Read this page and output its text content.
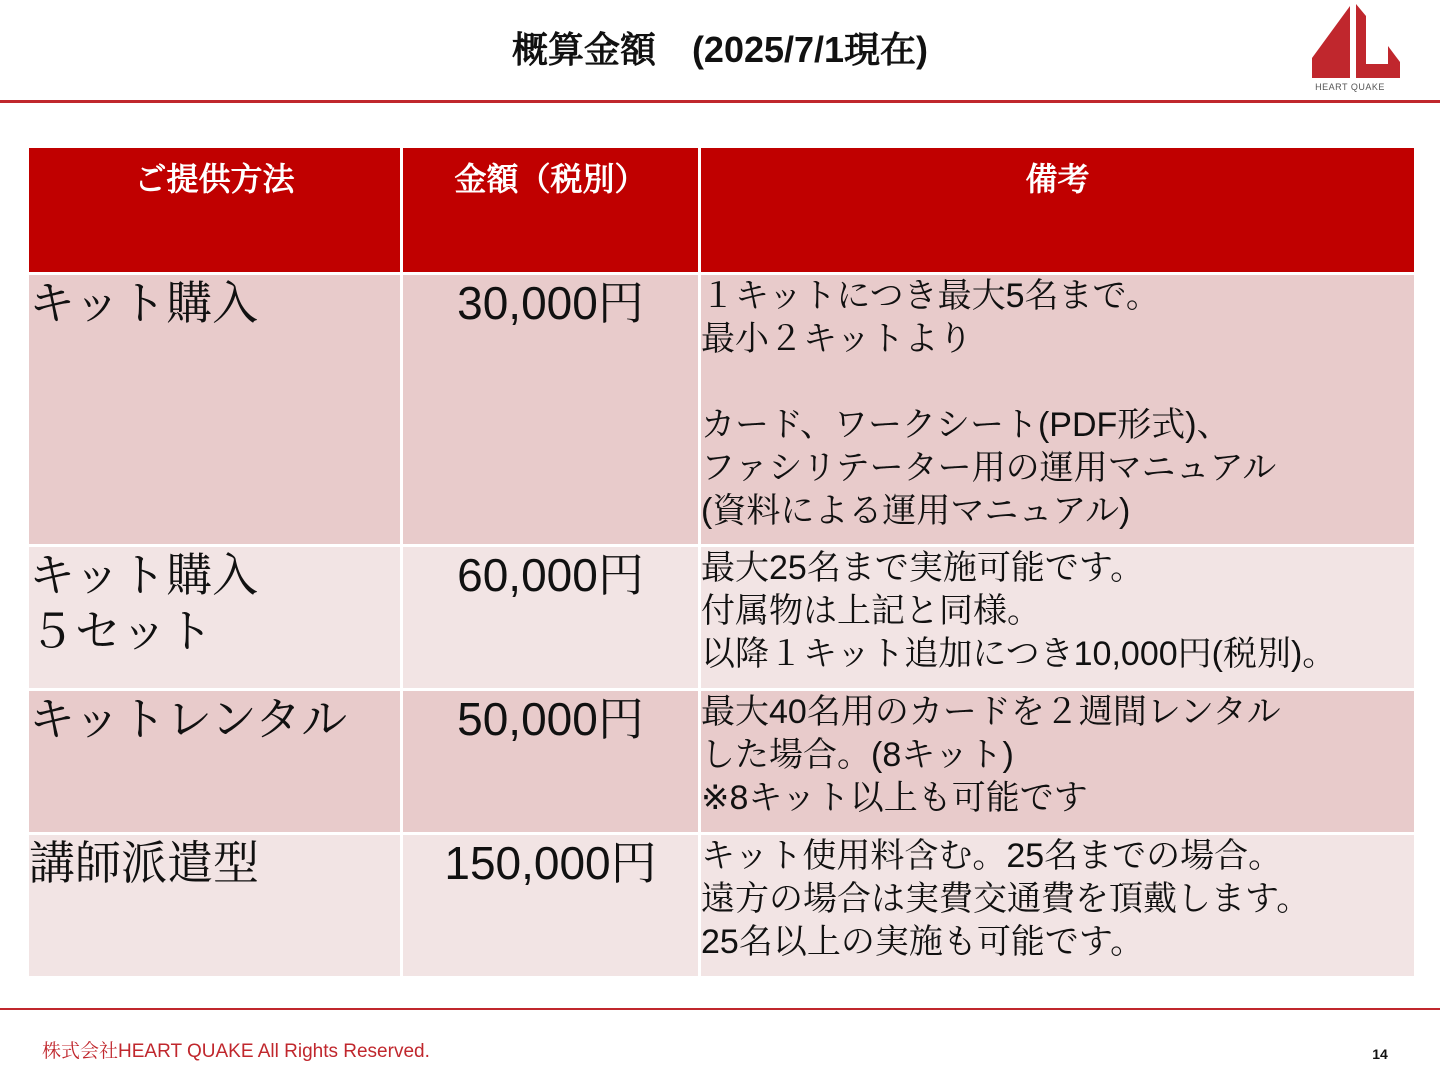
概算金額　(2025/7/1現在)
HEART QUAKE
ご提供方法	金額（税別）	備考
キット購入	30,000円	１キットにつき最大5名まで。
最小２キットより

カード、ワークシート(PDF形式)、
ファシリテーター用の運用マニュアル
(資料による運用マニュアル)
キット購入
５セット	60,000円	最大25名まで実施可能です。
付属物は上記と同様。
以降１キット追加につき10,000円(税別)。
キットレンタル	50,000円	最大40名用のカードを２週間レンタル
した場合。(8キット)
※8キット以上も可能です
講師派遣型	150,000円	キット使用料含む。25名までの場合。
遠方の場合は実費交通費を頂戴します。
25名以上の実施も可能です。
株式会社HEART QUAKE All Rights Reserved.	14
